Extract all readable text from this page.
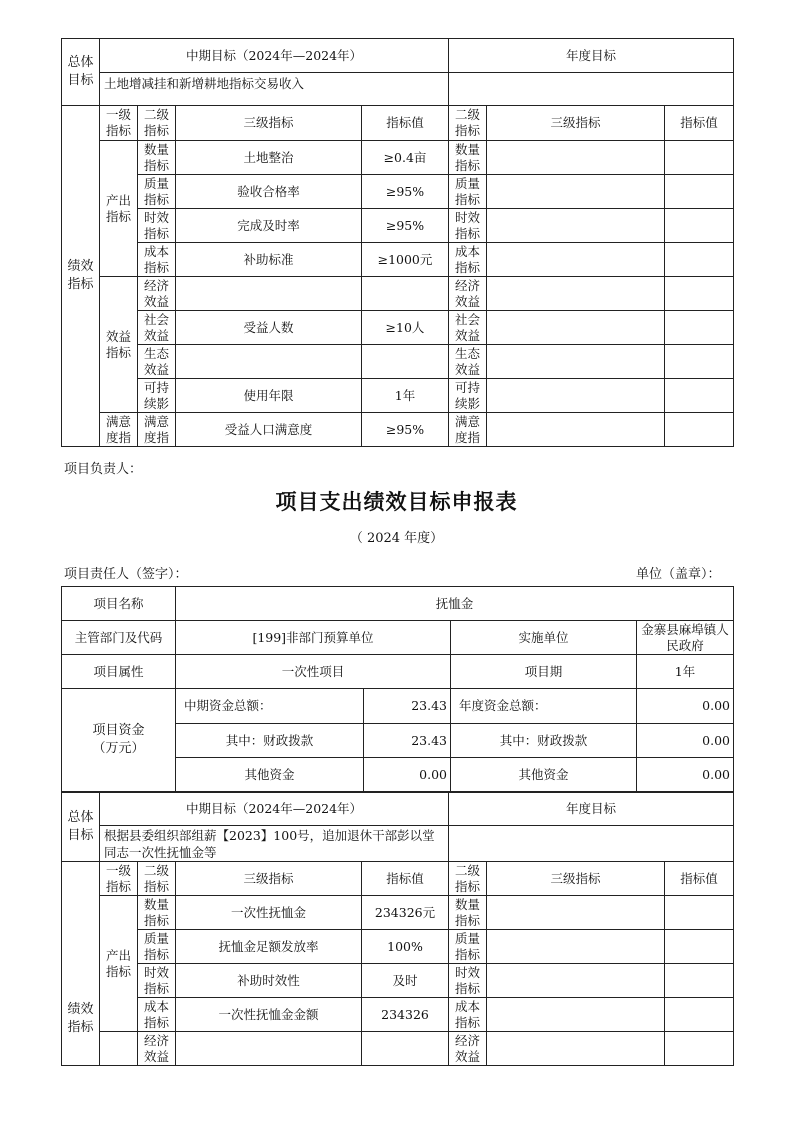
总体目标	中期目标（2024年—2024年）				年度目标		
	土地增减挂和新增耕地指标交易收入						
绩效指标	一级指标	二级指标	三级指标	指标值	二级指标	三级指标	指标值
	产出指标	数量指标	土地整治	≥0.4亩	数量指标		
		质量指标	验收合格率	≥95%	质量指标		
		时效指标	完成及时率	≥95%	时效指标		
		成本指标	补助标准	≥1000元	成本指标		
	效益指标	经济效益			经济效益		
		社会效益	受益人数	≥10人	社会效益		
		生态效益			生态效益		
		可持续影	使用年限	1年	可持续影		
	满意度指	满意度指	受益人口满意度	≥95%	满意度指		
项目负责人：
项目支出绩效目标申报表
（ 2024 年度）
项目责任人（签字）：	单位（盖章）：
项目名称	抚恤金			
主管部门及代码	[199]非部门预算单位		实施单位	金寨县麻埠镇人民政府
项目属性	一次性项目		项目期	1年
项目资金（万元）	中期资金总额：	23.43	年度资金总额：	0.00
	其中：财政拨款	23.43	其中：财政拨款	0.00
	其他资金	0.00	其他资金	0.00
总体目标	中期目标（2024年—2024年）				年度目标		
	根据县委组织部组薪【2023】100号，追加退休干部彭以堂同志一次性抚恤金等						
绩效指标	一级指标	二级指标	三级指标	指标值	二级指标	三级指标	指标值
	产出指标	数量指标	一次性抚恤金	234326元	数量指标		
		质量指标	抚恤金足额发放率	100%	质量指标		
		时效指标	补助时效性	及时	时效指标		
		成本指标	一次性抚恤金金额	234326	成本指标		
		经济效益			经济效益		
